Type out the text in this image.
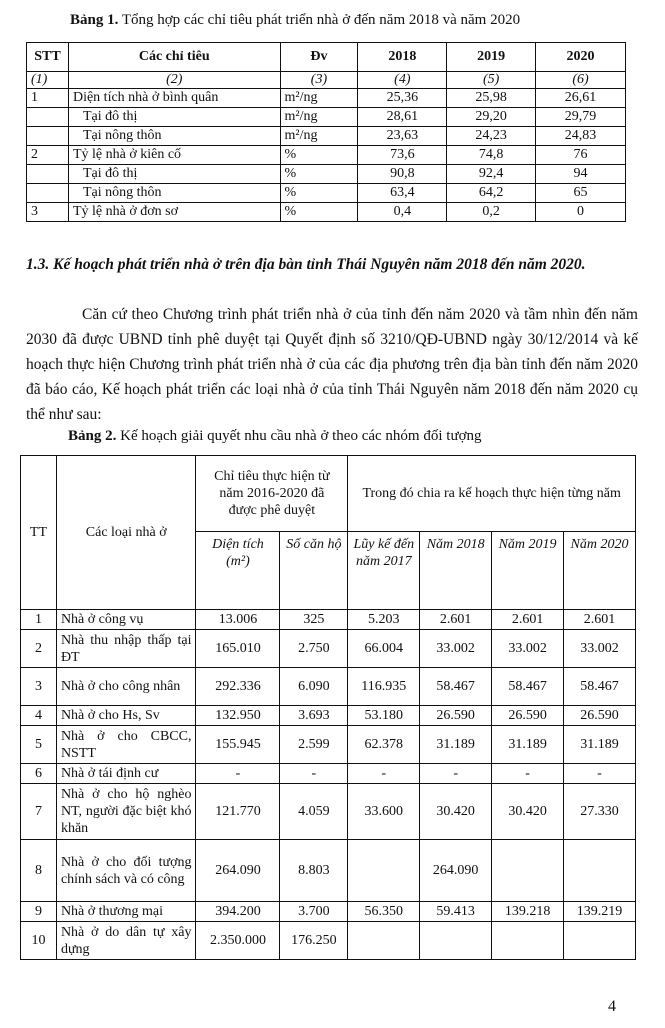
Bảng 1. Tổng hợp các chỉ tiêu phát triển nhà ở đến năm 2018 và năm 2020
STT	Các chỉ tiêu	Đv	2018	2019	2020
(1)	(2)	(3)	(4)	(5)	(6)
1	Diện tích nhà ở bình quân	m²/ng	25,36	25,98	26,61
	Tại đô thị	m²/ng	28,61	29,20	29,79
	Tại nông thôn	m²/ng	23,63	24,23	24,83
2	Tỷ lệ nhà ở kiên cố	%	73,6	74,8	76
	Tại đô thị	%	90,8	92,4	94
	Tại nông thôn	%	63,4	64,2	65
3	Tỷ lệ nhà ở đơn sơ	%	0,4	0,2	0
1.3. Kế hoạch phát triển nhà ở trên địa bàn tỉnh Thái Nguyên năm 2018 đến năm 2020.
Căn cứ theo Chương trình phát triển nhà ở của tỉnh đến năm 2020 và tầm nhìn đến năm 2030 đã được UBND tỉnh phê duyệt tại Quyết định số 3210/QĐ-UBND ngày 30/12/2014 và kế hoạch thực hiện Chương trình phát triển nhà ở của các địa phương trên địa bàn tỉnh đến năm 2020 đã báo cáo, Kế hoạch phát triển các loại nhà ở của tỉnh Thái Nguyên năm 2018 đến năm 2020 cụ thể như sau:
Bảng 2. Kế hoạch giải quyết nhu cầu nhà ở theo các nhóm đối tượng
TT	Các loại nhà ở	Chỉ tiêu thực hiện từ năm 2016-2020 đã được phê duyệt		Trong đó chia ra kế hoạch thực hiện từng năm			
		Diện tích (m²)	Số căn hộ	Lũy kế đến năm 2017	Năm 2018	Năm 2019	Năm 2020
1	Nhà ở công vụ	13.006	325	5.203	2.601	2.601	2.601
2	Nhà thu nhập thấp tại ĐT	165.010	2.750	66.004	33.002	33.002	33.002
3	Nhà ở cho công nhân	292.336	6.090	116.935	58.467	58.467	58.467
4	Nhà ở cho Hs, Sv	132.950	3.693	53.180	26.590	26.590	26.590
5	Nhà ở cho CBCC, NSTT	155.945	2.599	62.378	31.189	31.189	31.189
6	Nhà ở tái định cư	-	-	-	-	-	-
7	Nhà ở cho hộ nghèo NT, người đặc biệt khó khăn	121.770	4.059	33.600	30.420	30.420	27.330
8	Nhà ở cho đối tượng chính sách và có công	264.090	8.803		264.090		
9	Nhà ở thương mại	394.200	3.700	56.350	59.413	139.218	139.219
10	Nhà ở do dân tự xây dựng	2.350.000	176.250				
4
